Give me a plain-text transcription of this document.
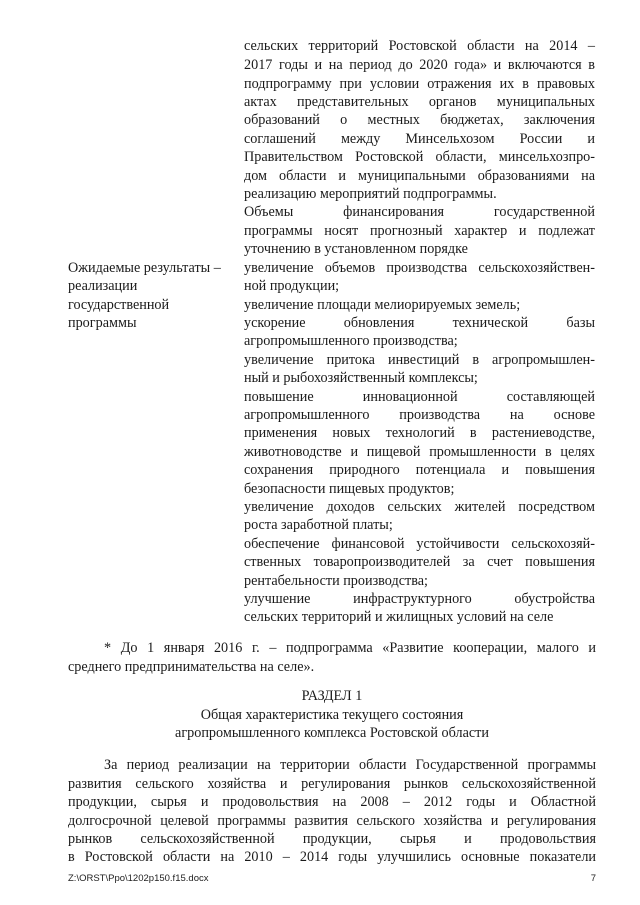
сельских территорий Ростовской области на 2014 –
2017 годы и на период до 2020 года» и включаются в
подпрограмму при условии отражения их в правовых
актах представительных органов муниципальных
образований о местных бюджетах, заключения
соглашений между Минсельхозом России и
Правительством Ростовской области, минсельхозпро-
дом области и муниципальными образованиями на
реализацию мероприятий подпрограммы.
Объемы финансирования государственной
программы носят прогнозный характер и подлежат
уточнению в установленном порядке
Ожидаемые результаты –
реализации
государственной
программы
увеличение объемов производства сельскохозяйствен-
ной продукции;
увеличение площади мелиорируемых земель;
ускорение обновления технической базы
агропромышленного производства;
увеличение притока инвестиций в агропромышлен-
ный и рыбохозяйственный комплексы;
повышение инновационной составляющей
агропромышленного производства на основе
применения новых технологий в растениеводстве,
животноводстве и пищевой промышленности в целях
сохранения природного потенциала и повышения
безопасности пищевых продуктов;
увеличение доходов сельских жителей посредством
роста заработной платы;
обеспечение финансовой устойчивости сельскохозяй-
ственных товаропроизводителей за счет повышения
рентабельности производства;
улучшение инфраструктурного обустройства
сельских территорий и жилищных условий на селе
* До 1 января 2016 г. – подпрограмма «Развитие кооперации, малого и
среднего предпринимательства на селе».
РАЗДЕЛ 1
Общая характеристика текущего состояния
агропромышленного комплекса Ростовской области
За период реализации на территории области Государственной программы
развития сельского хозяйства и регулирования рынков сельскохозяйственной
продукции, сырья и продовольствия на 2008 – 2012 годы и Областной
долгосрочной целевой программы развития сельского хозяйства и регулирования
рынков сельскохозяйственной продукции, сырья и продовольствия
в Ростовской области на 2010 – 2014 годы улучшились основные показатели
Z:\ORST\Ppo\1202p150.f15.docx	7
